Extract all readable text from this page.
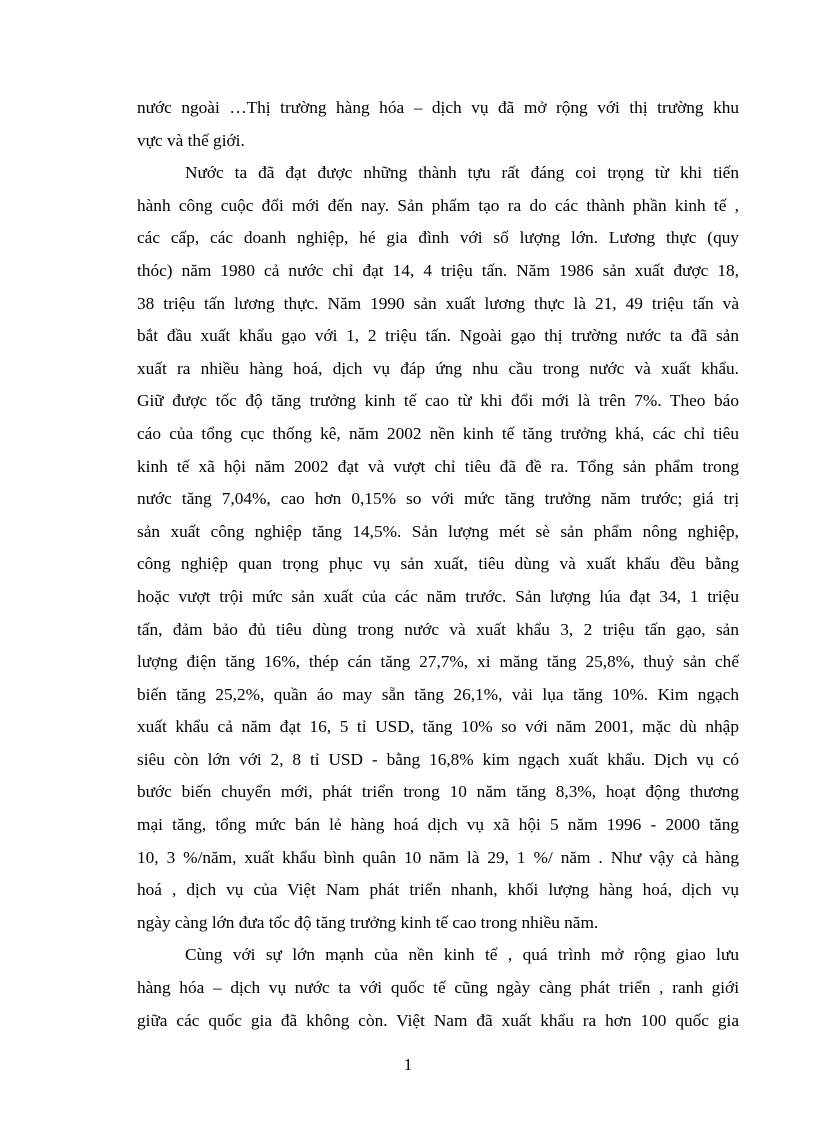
nước ngoài …Thị trường hàng hóa – dịch vụ đã mở rộng với thị trường khu
vực và thế giới.
Nước ta đã đạt được những thành tựu rất đáng coi trọng từ khi tiến
hành công cuộc đổi mới đến nay. Sản phẩm tạo ra do các thành phần kinh tế ,
các cấp, các doanh nghiệp, hé gia đình với số lượng lớn. Lương thực (quy
thóc) năm 1980 cả nước chỉ đạt 14, 4 triệu tấn. Năm 1986 sản xuất được 18,
38 triệu tấn lương thực. Năm 1990 sản xuất lương thực là 21, 49 triệu tấn và
bắt đầu xuất khẩu gạo với 1, 2 triệu tấn. Ngoài gạo thị trường nước ta đã sản
xuất ra nhiều hàng hoá, dịch vụ đáp ứng nhu cầu trong nước và xuất khẩu.
Giữ được tốc độ tăng trưởng kinh tế cao từ khi đổi mới là trên 7%. Theo báo
cáo của tổng cục thống kê, năm 2002 nền kinh tế tăng trưởng khá, các chỉ tiêu
kinh tế xã hội năm 2002 đạt và vượt chỉ tiêu đã đề ra. Tổng sản phẩm trong
nước tăng 7,04%, cao hơn 0,15% so với mức tăng trưởng năm trước; giá trị
sản xuất công nghiệp tăng 14,5%. Sản lượng mét sè sản phẩm nông nghiệp,
công nghiệp quan trọng phục vụ sản xuất, tiêu dùng và xuất khẩu đều bằng
hoặc vượt trội mức sản xuất của các năm trước. Sản lượng lúa đạt 34, 1 triệu
tấn, đảm bảo đủ tiêu dùng trong nước và xuất khẩu 3, 2 triệu tấn gạo, sản
lượng điện tăng 16%, thép cán tăng 27,7%, xi măng tăng 25,8%, thuỷ sản chế
biến tăng 25,2%, quần áo may sẵn tăng 26,1%, vải lụa tăng 10%. Kim ngạch
xuất khẩu cả năm đạt 16, 5 tỉ USD, tăng 10% so với năm 2001, mặc dù nhập
siêu còn lớn với 2, 8 tỉ USD - bằng 16,8% kim ngạch xuất khẩu. Dịch vụ có
bước biến chuyển mới, phát triển trong 10 năm tăng 8,3%, hoạt động thương
mại tăng, tổng mức bán lẻ hàng hoá dịch vụ xã hội 5 năm 1996 - 2000 tăng
10, 3 %/năm, xuất khẩu bình quân 10 năm là 29, 1 %/ năm . Như vậy cả hàng
hoá , dịch vụ của Việt Nam phát triển nhanh, khối lượng hàng hoá, dịch vụ
ngày càng lớn đưa tốc độ tăng trưởng kinh tế cao trong nhiều năm.
Cùng với sự lớn mạnh của nền kinh tế , quá trình mở rộng giao lưu
hàng hóa – dịch vụ nước ta với quốc tế cũng ngày càng phát triển , ranh giới
giữa các quốc gia đã không còn. Việt Nam đã xuất khẩu ra hơn 100 quốc gia
1
